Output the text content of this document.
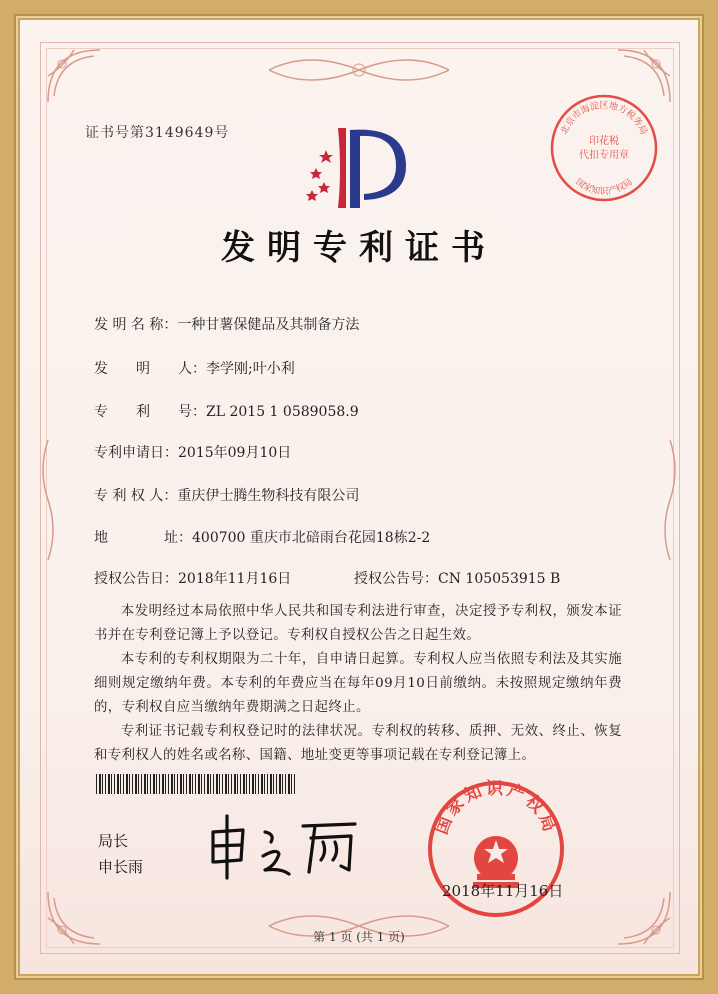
证书号第3149649号
发明专利证书
发 明 名 称：一种甘薯保健品及其制备方法
发　　明　　人：李学刚;叶小利
专　　利　　号：ZL 2015 1 0589058.9
专利申请日：2015年09月10日
专 利 权 人：重庆伊士腾生物科技有限公司
地　　　　址：400700 重庆市北碚雨台花园18栋2-2
授权公告日：2018年11月16日	授权公告号：CN 105053915 B

本发明经过本局依照中华人民共和国专利法进行审查，决定授予专利权，颁发本证书并在专利登记簿上予以登记。专利权自授权公告之日起生效。

本专利的专利权期限为二十年，自申请日起算。专利权人应当依照专利法及其实施细则规定缴纳年费。本专利的年费应当在每年09月10日前缴纳。未按照规定缴纳年费的，专利权自应当缴纳年费期满之日起终止。

专利证书记载专利权登记时的法律状况。专利权的转移、质押、无效、终止、恢复和专利权人的姓名或名称、国籍、地址变更等事项记载在专利登记簿上。

局长
申长雨
国家知识产权局
2018年11月16日
北京市海淀区地方税务局
印花税
代扣专用章
国家知识产权局
第 1 页 (共 1 页)
